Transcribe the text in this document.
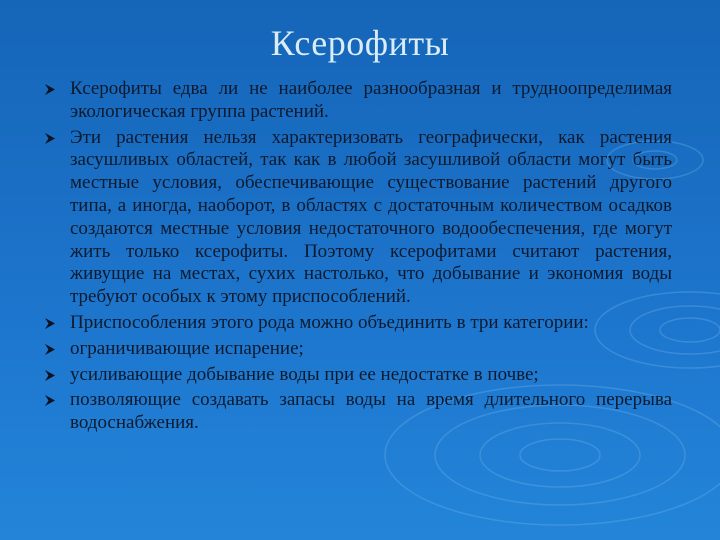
Ксерофиты
Ксерофиты едва ли не наиболее разнообразная и трудноопределимая экологическая группа растений.
Эти растения нельзя характеризовать географически, как растения засушливых областей, так как в любой засушливой области могут быть местные условия, обеспечивающие существование растений другого типа, а иногда, наоборот, в областях с достаточным количеством осадков создаются местные условия недостаточного водообеспечения, где могут жить только ксерофиты. Поэтому ксерофитами считают растения, живущие на местах, сухих настолько, что добывание и экономия воды требуют особых к этому приспособлений.
Приспособления этого рода можно объединить в три категории:
ограничивающие испарение;
усиливающие добывание воды при ее недостатке в почве;
позволяющие создавать запасы воды на время длительного перерыва водоснабжения.
